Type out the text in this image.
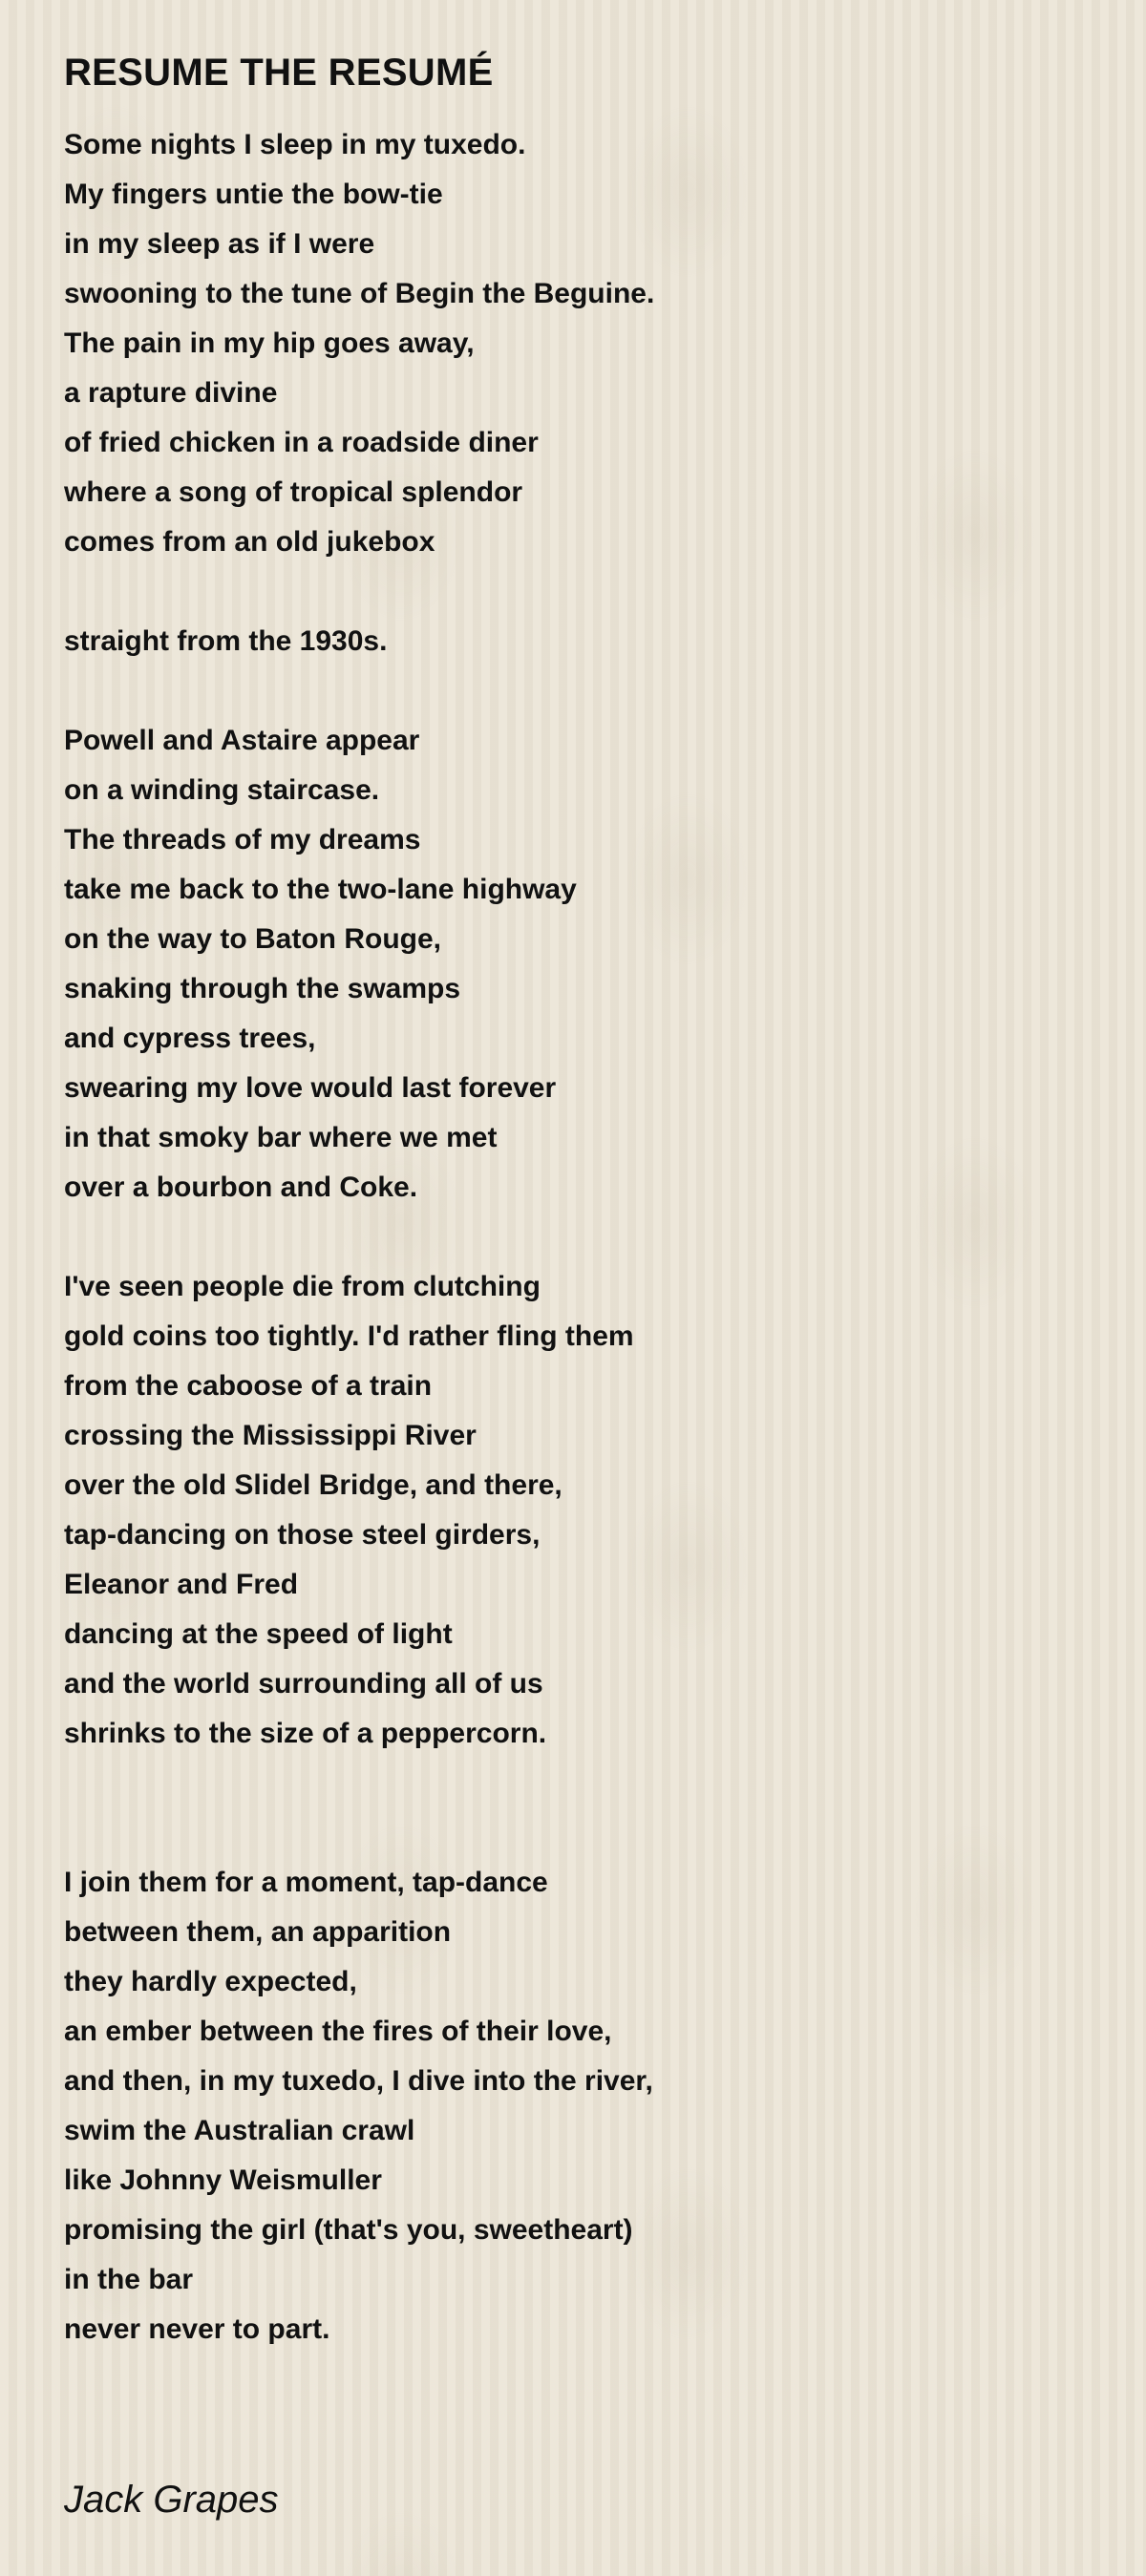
RESUME THE RESUMÉ
Some nights I sleep in my tuxedo.
My fingers untie the bow-tie
in my sleep as if I were
swooning to the tune of Begin the Beguine.
The pain in my hip goes away,
a rapture divine
of fried chicken in a roadside diner
where a song of tropical splendor
comes from an old jukebox
straight from the 1930s.
Powell and Astaire appear
on a winding staircase.
The threads of my dreams
take me back to the two-lane highway
on the way to Baton Rouge,
snaking through the swamps
and cypress trees,
swearing my love would last forever
in that smoky bar where we met
over a bourbon and Coke.
I've seen people die from clutching
gold coins too tightly. I'd rather fling them
from the caboose of a train
crossing the Mississippi River
over the old Slidel Bridge, and there,
tap-dancing on those steel girders,
Eleanor and Fred
dancing at the speed of light
and the world surrounding all of us
shrinks to the size of a peppercorn.
I join them for a moment, tap-dance
between them, an apparition
they hardly expected,
an ember between the fires of their love,
and then, in my tuxedo, I dive into the river,
swim the Australian crawl
like Johnny Weismuller
promising the girl (that's you, sweetheart)
in the bar
never never to part.
Jack Grapes
